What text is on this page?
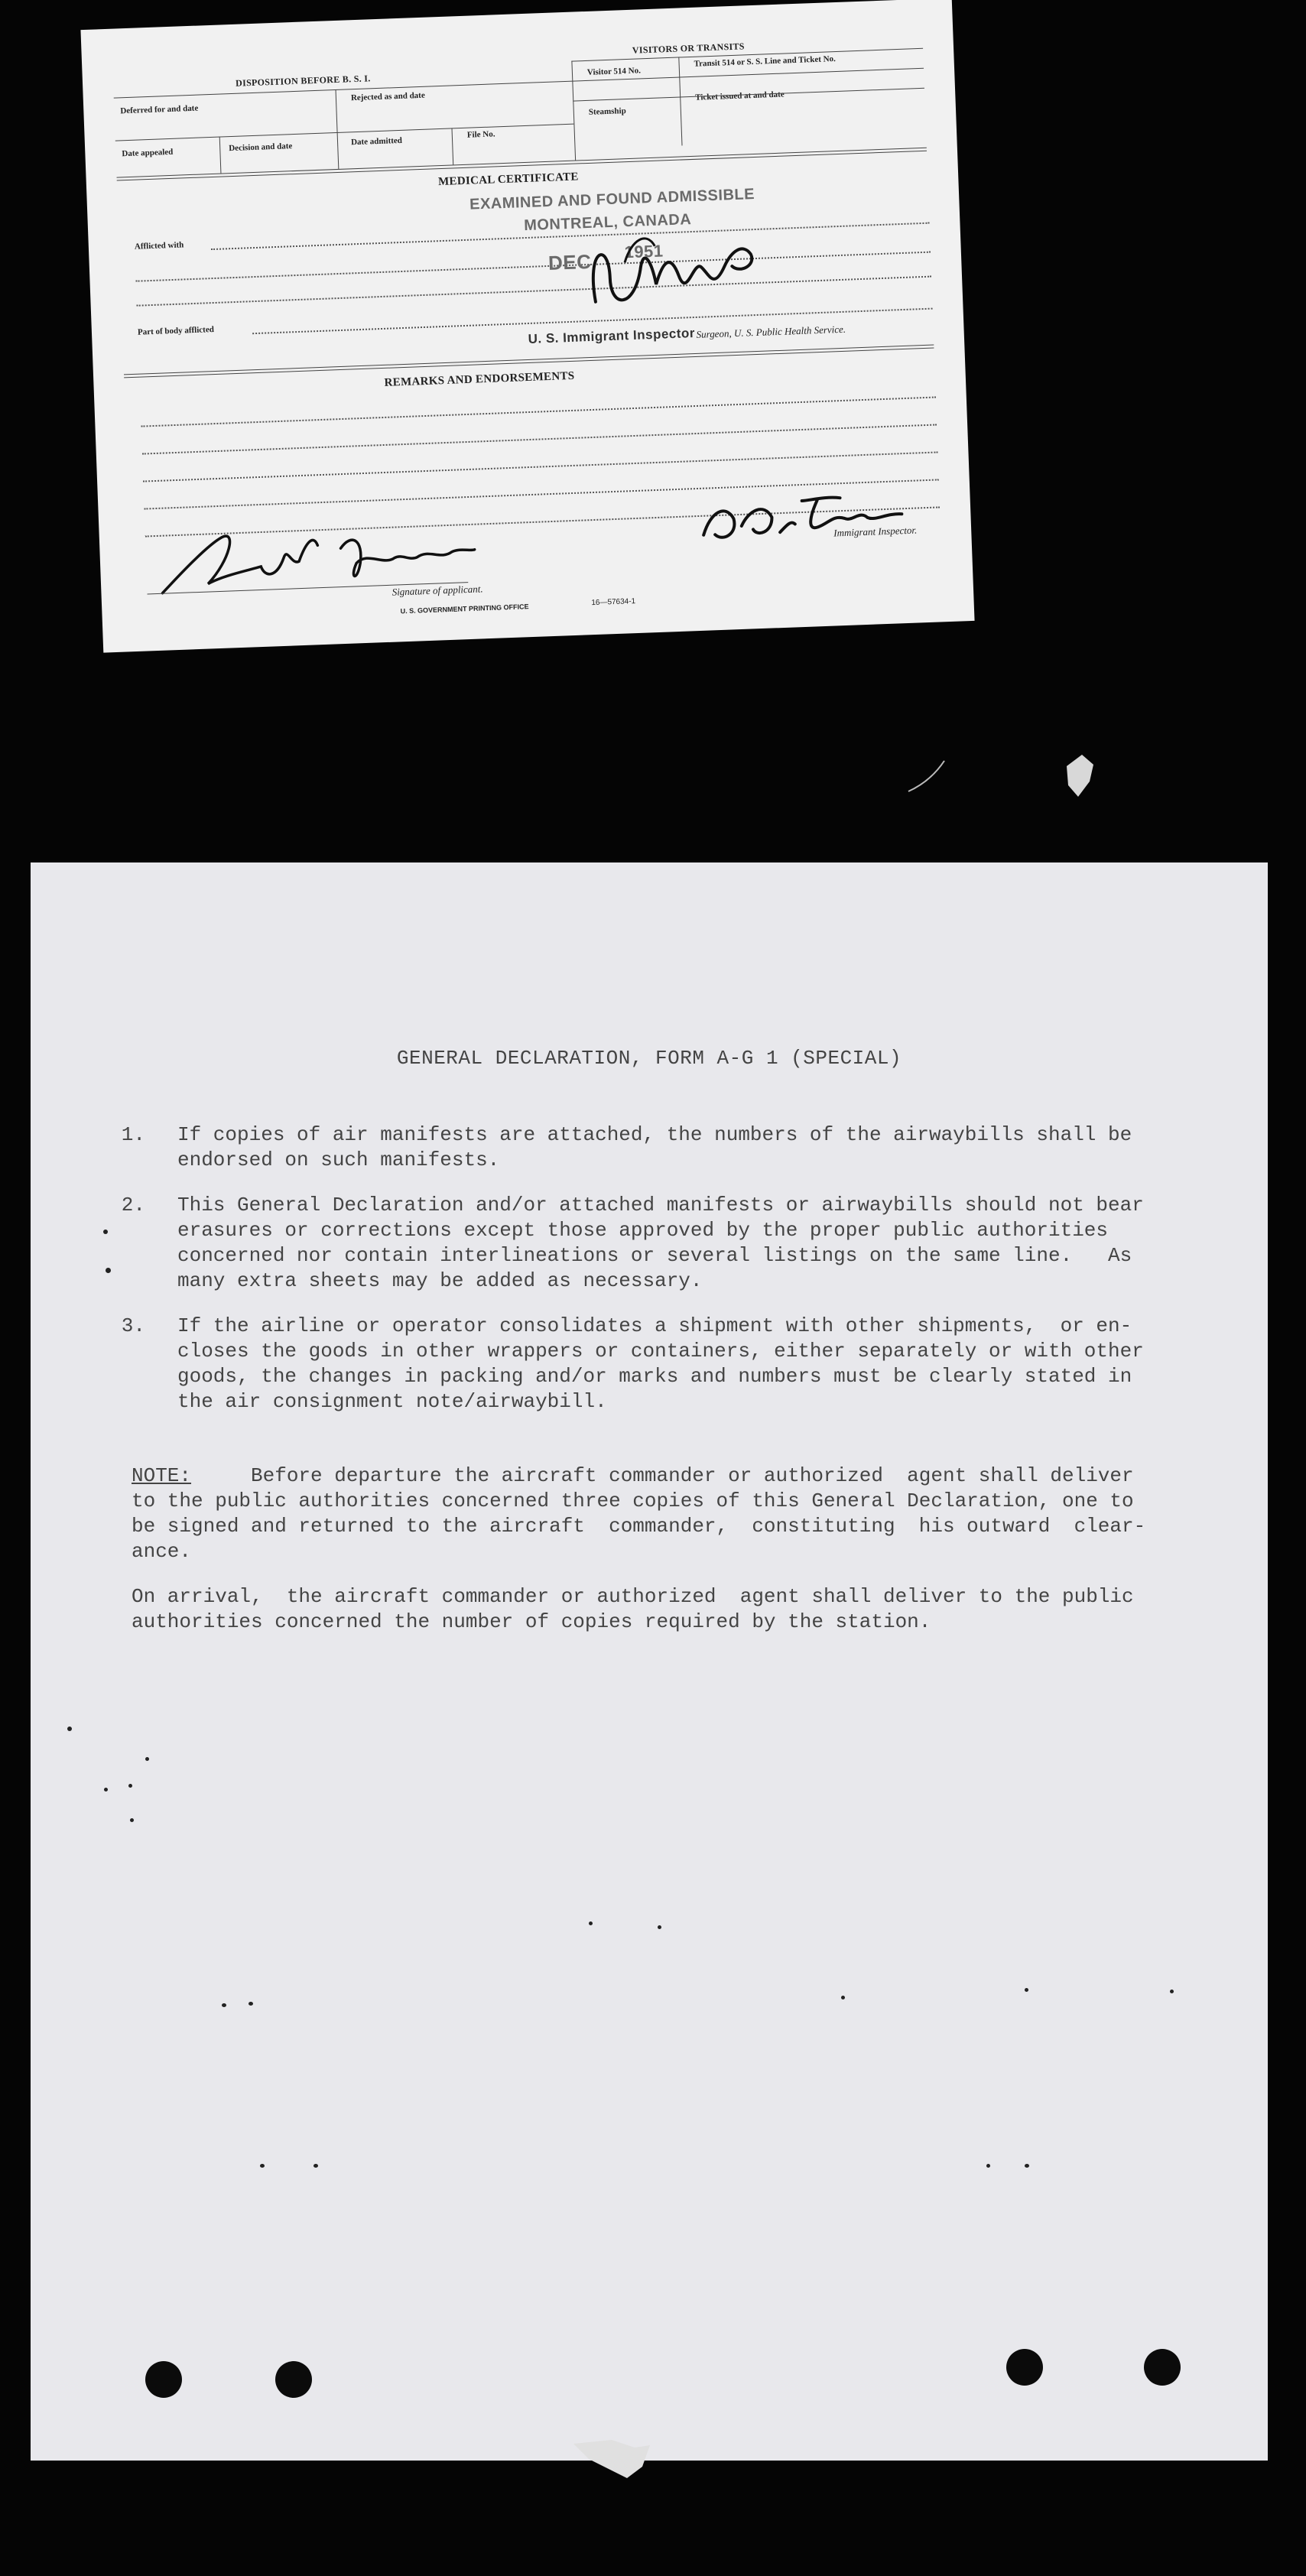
DISPOSITION BEFORE B. S. I.
VISITORS OR TRANSITS
Deferred for and date
Rejected as and date
Visitor 514 No.
Transit 514 or S. S. Line and Ticket No.
Steamship
Ticket issued at and date
Date appealed	Decision and date
Date admitted
File No.
MEDICAL CERTIFICATE
Afflicted with
Part of body afflicted	Surgeon, U. S. Public Health Service.
EXAMINED AND FOUND ADMISSIBLE
MONTREAL, CANADA
DEC 1951
U. S. Immigrant Inspector
REMARKS AND ENDORSEMENTS
Signature of applicant.
Immigrant Inspector.
U. S. GOVERNMENT PRINTING OFFICE
16—57634-1
GENERAL DECLARATION, FORM A-G 1 (SPECIAL)
1. If copies of air manifests are attached, the numbers of the airwaybills shall be
endorsed on such manifests.
2. This General Declaration and/or attached manifests or airwaybills should not bear
erasures or corrections except those approved by the proper public authorities
concerned nor contain interlineations or several listings on the same line.   As
many extra sheets may be added as necessary.
3. If the airline or operator consolidates a shipment with other shipments,  or en-
closes the goods in other wrappers or containers, either separately or with other
goods, the changes in packing and/or marks and numbers must be clearly stated in
the air consignment note/airwaybill.
NOTE: Before departure the aircraft commander or authorized  agent shall deliver
to the public authorities concerned three copies of this General Declaration, one to
be signed and returned to the aircraft  commander,  constituting  his outward  clear-
ance.
On arrival,  the aircraft commander or authorized  agent shall deliver to the public
authorities concerned the number of copies required by the station.
